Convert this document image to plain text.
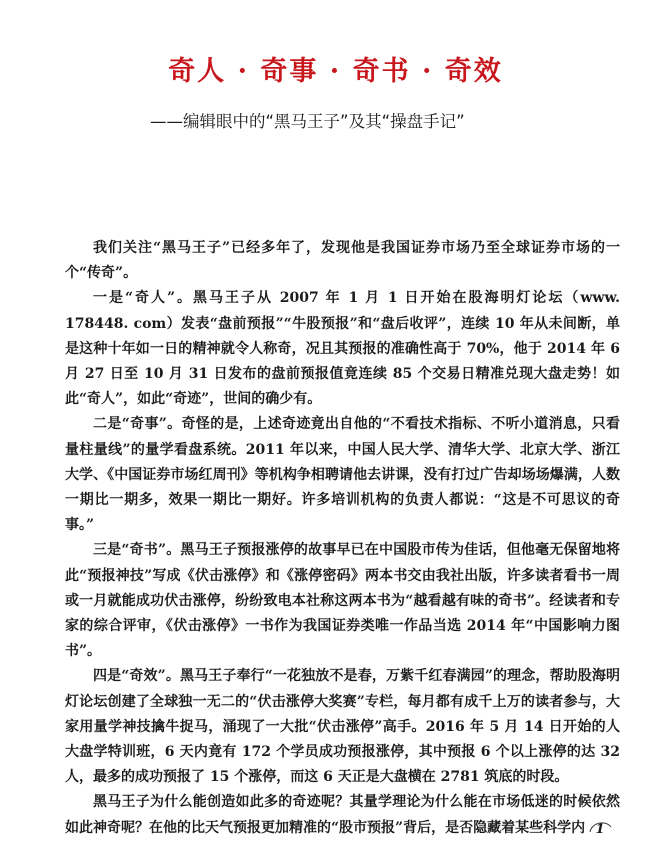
奇人 · 奇事 · 奇书 · 奇效
——编辑眼中的“黑马王子”及其“操盘手记”

我们关注“黑马王子”已经多年了，发现他是我国证券市场乃至全球证券市场的一个“传奇”。

一是“奇人”。黑马王子从 2007 年 1 月 1 日开始在股海明灯论坛（www. 178448. com）发表“盘前预报”“牛股预报”和“盘后收评”，连续 10 年从未间断，单是这种十年如一日的精神就令人称奇，况且其预报的准确性高于 70%，他于 2014 年 6 月 27 日至 10 月 31 日发布的盘前预报值竟连续 85 个交易日精准兑现大盘走势！如此“奇人”，如此“奇迹”，世间的确少有。

二是“奇事”。奇怪的是，上述奇迹竟出自他的“不看技术指标、不听小道消息，只看量柱量线”的量学看盘系统。2011 年以来，中国人民大学、清华大学、北京大学、浙江大学、《中国证券市场红周刊》等机构争相聘请他去讲课，没有打过广告却场场爆满，人数一期比一期多，效果一期比一期好。许多培训机构的负责人都说：“这是不可思议的奇事。”

三是“奇书”。黑马王子预报涨停的故事早已在中国股市传为佳话，但他毫无保留地将此“预报神技”写成《伏击涨停》和《涨停密码》两本书交由我社出版，许多读者看书一周或一月就能成功伏击涨停，纷纷致电本社称这两本书为“越看越有味的奇书”。经读者和专家的综合评审，《伏击涨停》一书作为我国证券类唯一作品当选 2014 年“中国影响力图书”。

四是“奇效”。黑马王子奉行“一花独放不是春，万紫千红春满园”的理念，帮助股海明灯论坛创建了全球独一无二的“伏击涨停大奖赛”专栏，每月都有成千上万的读者参与，大家用量学神技擒牛捉马，涌现了一大批“伏击涨停”高手。2016 年 5 月 14 日开始的人大盘学特训班，6 天内竟有 172 个学员成功预报涨停，其中预报 6 个以上涨停的达 32 人，最多的成功预报了 15 个涨停，而这 6 天正是大盘横在 2781 筑底的时段。

黑马王子为什么能创造如此多的奇迹呢？其量学理论为什么能在市场低迷的时候依然如此神奇呢？在他的比天气预报更加精准的“股市预报”背后，是否隐藏着某些科学内 1
